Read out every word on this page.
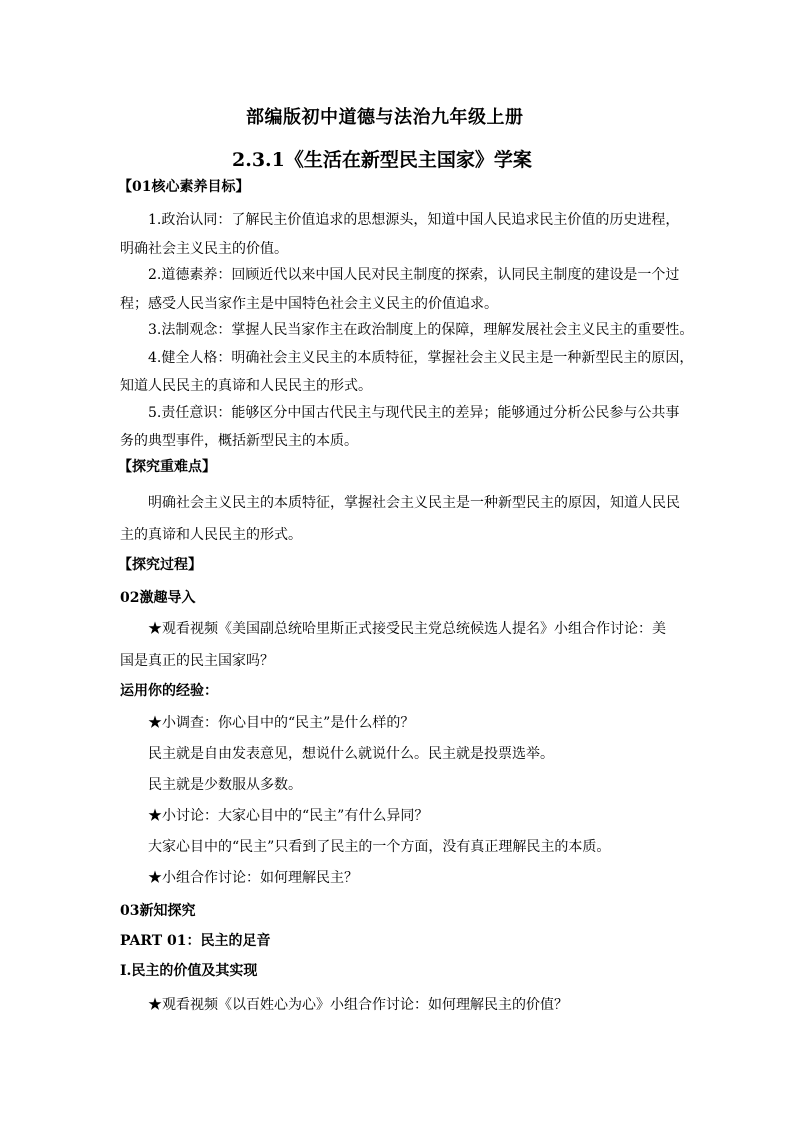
部编版初中道德与法治九年级上册
2.3.1《生活在新型民主国家》学案
【01核心素养目标】
1.政治认同：了解民主价值追求的思想源头，知道中国人民追求民主价值的历史进程，
明确社会主义民主的价值。
2.道德素养：回顾近代以来中国人民对民主制度的探索，认同民主制度的建设是一个过
程；感受人民当家作主是中国特色社会主义民主的价值追求。
3.法制观念：掌握人民当家作主在政治制度上的保障，理解发展社会主义民主的重要性。
4.健全人格：明确社会主义民主的本质特征，掌握社会主义民主是一种新型民主的原因，
知道人民民主的真谛和人民民主的形式。
5.责任意识：能够区分中国古代民主与现代民主的差异；能够通过分析公民参与公共事
务的典型事件，概括新型民主的本质。
【探究重难点】
明确社会主义民主的本质特征，掌握社会主义民主是一种新型民主的原因，知道人民民
主的真谛和人民民主的形式。
【探究过程】
02激趣导入
★观看视频《美国副总统哈里斯正式接受民主党总统候选人提名》小组合作讨论：美
国是真正的民主国家吗？
运用你的经验：
★小调查：你心目中的“民主”是什么样的？
民主就是自由发表意见，想说什么就说什么。民主就是投票选举。
民主就是少数服从多数。
★小讨论：大家心目中的“民主”有什么异同？
大家心目中的“民主”只看到了民主的一个方面，没有真正理解民主的本质。
★小组合作讨论：如何理解民主？
03新知探究
PART 01：民主的足音
Ⅰ.民主的价值及其实现
★观看视频《以百姓心为心》小组合作讨论：如何理解民主的价值？
